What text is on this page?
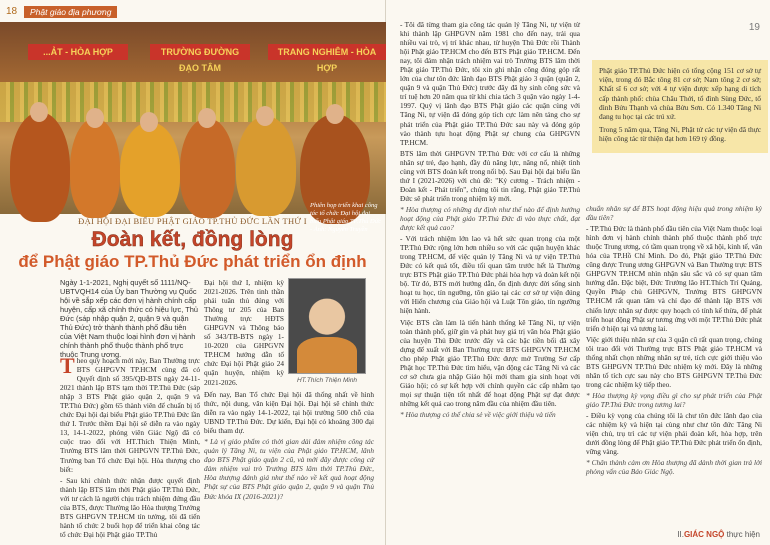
18	Phật giáo địa phương
...ẢT - HÒA HỢP	TRƯỜNG ĐƯỜNG ĐẠO TÂM
TRANG NGHIÊM - HÒA HỢP
Phiên họp triển khai công tác tổ chức Đại hội đại biểu Phật giáo TP.Thủ Đức - Ảnh: Nguyễn Truyền
ĐẠI HỘI ĐẠI BIỂU PHẬT GIÁO TP.THỦ ĐỨC LẦN THỨ I
Đoàn kết, đồng lòng
để Phật giáo TP.Thủ Đức phát triển ổn định
Ngày 1-1-2021, Nghị quyết số 1111/NQ-UBTVQH14 của Ủy ban Thường vụ Quốc hội về sắp xếp các đơn vị hành chính cấp huyện, cấp xã chính thức có hiệu lực, Thủ Đức (sáp nhập quận 2, quận 9 và quận Thủ Đức) trở thành thành phố đầu tiên của Việt Nam thuộc loại hình đơn vị hành chính thành phố thuộc thành phố trực thuộc Trung ương.

Đại hội thứ I, nhiệm kỳ 2021-2026. Trên tinh thần phải tuân thủ đúng với Thông tư 205 của Ban Thường trực HĐTS GHPGVN và Thông báo số 343/TB-BTS ngày 1-10-2020 của GHPGVN TP.HCM hướng dẫn tổ chức Đại hội Phật giáo 24 quận huyện, nhiệm kỳ 2021-2026.	HT.Thích Thiện Minh

Theo quy hoạch mới này, Ban Thường trực BTS GHPGVN TP.HCM cùng đã có Quyết định số 395/QĐ-BTS ngày 24-11-2021 thành lập BTS tạm thời TP.Thủ Đức (sáp nhập 3 BTS Phật giáo quận 2, quận 9 và TP.Thủ Đức) gồm 65 thành viên để chuẩn bị tổ chức Đại hội đại biểu Phật giáo TP.Thủ Đức lần thứ I. Trước thềm Đại hội sẽ diễn ra vào ngày 13, 14-1-2022, phóng viên Giác Ngộ đã có cuộc trao đổi với HT.Thích Thiện Minh, Trưởng BTS lâm thời GHPGVN TP.Thủ Đức, Trưởng ban Tổ chức Đại hội. Hòa thượng cho biết:

- Sau khi chính thức nhận được quyết định thành lập BTS lâm thời Phật giáo TP.Thủ Đức, với tư cách là người chịu trách nhiệm đứng đầu của BTS, được Thường lão Hòa thượng Trưởng BTS GHPGVN TP.HCM tín tưởng, tôi đã tiến hành tổ chức 2 buổi họp để triển khai công tác tổ chức Đại hội Phật giáo TP.Thủ

Đến nay, Ban Tổ chức Đại hội đã thống nhất về hình thức, nội dung, văn kiện Đại hội. Đại hội sẽ chính thức diễn ra vào ngày 14-1-2022, tại hội trường 500 chỗ của UBND TP.Thủ Đức. Dự kiến, Đại hội có khoảng 300 đại biểu tham dự.

* Là vị giáo phẩm có thời gian dài đảm nhiệm công tác quản lý Tăng Ni, tu viện của Phật giáo TP.HCM, lãnh đạo BTS Phật giáo quận 2 cũ, và mới đây được công cử đảm nhiệm vai trò Trưởng BTS lâm thời TP.Thủ Đức, Hòa thượng đánh giá như thế nào về kết quả hoạt động Phật sự của BTS Phật giáo quận 2, quận 9 và quận Thủ Đức khóa IX (2016-2021)?

19

- Tôi đã từng tham gia công tác quản lý Tăng Ni, tự viện từ khi thành lập GHPGVN năm 1981 cho đến nay, trải qua nhiều vai trò, vị trí khác nhau, từ huyện Thủ Đức rồi Thành hội Phật giáo TP.HCM cho đến BTS Phật giáo TP.HCM. Đến nay, tôi đảm nhận trách nhiệm vai trò Trưởng BTS lâm thời Phật giáo TP.Thủ Đức, tôi xin ghi nhận công đóng góp rất lớn của chư tôn đức lãnh đạo BTS Phật giáo 3 quận (quận 2, quận 9 và quận Thủ Đức) trước đây đã hy sinh công sức và trí tuệ hơn 20 năm qua từ khi chia tách 3 quận vào ngày 1-4-1997. Quý vị lãnh đạo BTS Phật giáo các quận cùng với Tăng Ni, tự viện đã đóng góp tích cực làm nên tảng cho sự phát triển của Phật giáo TP.Thủ Đức sau này và đóng góp vào thành tựu hoạt động Phật sự chung của GHPGVN TP.HCM.

BTS lâm thời GHPGVN TP.Thủ Đức với cơ cấu là những nhân sự trẻ, đạo hạnh, đầy đủ năng lực, năng nổ, nhiệt tình cùng với BTS đoàn kết trong nối bộ. Sau Đại hội đại biểu lần thứ I (2021-2026) với chủ đề: "Kỷ cương - Trách nhiệm - Đoàn kết - Phát triển", chúng tôi tin rằng, Phật giáo TP.Thủ Đức sẽ phát triển trong nhiệm kỳ mới.

* Hòa thượng có những dự định như thế nào để định hướng hoạt động của Phật giáo TP.Thủ Đức đi vào thực chất, đạt được kết quả cao?

- Với trách nhiệm lớn lao và hết sức quan trọng của một TP.Thủ Đức rộng lớn hơn nhiều so với các quận huyện khác trong TP.HCM, để việc quản lý Tăng Ni và tự viện TP.Thủ Đức có kết quả tốt, điều tối quan tâm trước hết là Thường trực BTS Phật giáo TP.Thủ Đức phải hòa hợp và đoàn kết nội bộ. Từ đó, BTS mới hướng dẫn, ổn định được đời sống sinh hoạt tu học, tín ngưỡng, tôn giáo tại các cơ sở tự viện đúng với Hiến chương của Giáo hội và Luật Tôn giáo, tín ngưỡng hiện hành.

Việc BTS cần làm là tiến hành thống kê Tăng Ni, tự viện toàn thành phố, giữ gìn và phát huy giá trị văn hóa Phật giáo của huyện Thủ Đức trước đây và các bậc tiền bối đã xây dựng để xuất với Ban Thường trực BTS GHPGVN TP.HCM cho phép Phật giáo TP.Thủ Đức được mở Trường Sơ cấp Phật học TP.Thủ Đức tìm hiểu, vận động các Tăng Ni và các cơ sở chưa gia nhập Giáo hội mới tham gia sinh hoạt với Giáo hội; có sự kết hợp với chính quyền các cấp nhằm tạo mọi sự thuận tiện tốt nhất để hoạt động Phật sự đạt được những kết quả cao trong năm đầu của nhiệm đầu tiên.

* Hòa thượng có thể chia sẻ về việc giới thiệu và tiến

chuẩn nhân sự để BTS hoạt động hiệu quả trong nhiệm kỳ đầu tiên?

- TP.Thủ Đức là thành phố đầu tiên của Việt Nam thuộc loại hình đơn vị hành chính thành phố thuộc thành phố trực thuộc Trung ương, có tầm quan trọng về xã hội, kinh tế, văn hóa của TP.Hồ Chí Minh. Do đó, Phật giáo TP.Thủ Đức cũng được Trung ương GHPGVN và Ban Thường trực BTS GHPGVN TP.HCM nhìn nhận sâu sắc và có sự quan tâm hướng dẫn. Đặc biệt, Đức Trưởng lão HT.Thích Trí Quảng, Quyền Pháp chủ GHPGVN, Trưởng BTS GHPGVN TP.HCM rất quan tâm và chỉ đạo để thành lập BTS với chiến lược nhân sự được quy hoạch có tính kế thừa, để phát triển hoạt động Phật sự tương ứng với một TP.Thủ Đức phát triển ở hiện tại và tương lai.

Việc giới thiệu nhân sự của 3 quận cũ rất quan trọng, chúng tôi trao đổi với Thường trực BTS Phật giáo TP.HCM và thống nhất chọn những nhân sự trẻ, tích cực giới thiệu vào BTS GHPGVN TP.Thủ Đức nhiệm kỳ mới. Đây là những nhân tố tích cực sau này cho BTS GHPGVN TP.Thủ Đức trong các nhiệm kỳ tiếp theo.

* Hòa thượng kỳ vọng điều gì cho sự phát triển của Phật giáo TP.Thủ Đức trong tương lai?

- Điều kỳ vọng của chúng tôi là chư tôn đức lãnh đạo của các nhiệm kỳ và hiện tại cùng như chư tôn đức Tăng Ni viện chủ, trụ trì các tự viện phải đoàn kết, hòa hợp, trên dưới đồng lòng để Phật giáo TP.Thủ Đức phát triển ổn định, vững vàng.

* Chân thành cảm ơn Hòa thượng đã dành thời gian trả lời phỏng vấn của Báo Giác Ngộ.

II.GIÁC NGỘ thực hiện

Phật giáo TP.Thủ Đức hiện có tổng cộng 151 cơ sở tự viện, trong đó Bắc tông 81 cơ sở; Nam tông 2 cơ sở; Khất sĩ 6 cơ sở; với 4 tự viện được xếp hạng di tích cấp thành phố: chùa Châu Thới, tổ đình Sùng Đức, tổ đình Bửu Thạnh và chùa Bửu Sơn. Có 1.340 Tăng Ni đang tu học tại các trú xứ.

Trong 5 năm qua, Tăng Ni, Phật tử các tự viện đã thực hiện công tác từ thiện đạt hơn 169 tỷ đồng.
